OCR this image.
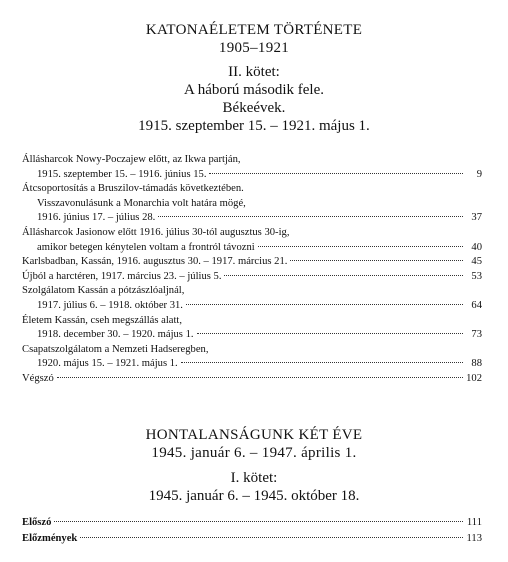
KATONAÉLETEM TÖRTÉNETE
1905–1921
II. kötet:
A háború második fele.
Békeévek.
1915. szeptember 15. – 1921. május 1.
Állásharcok Nowy-Poczajew előtt, az Ikwa partján,
1915. szeptember 15. – 1916. június 15.	9
Átcsoportosítás a Bruszilov-támadás következtében.
Visszavonulásunk a Monarchia volt határa mögé,
1916. június 17. – július 28.	37
Állásharcok Jasionow előtt 1916. július 30-tól augusztus 30-ig,
amikor betegen kénytelen voltam a frontról távozni	40
Karlsbadban, Kassán, 1916. augusztus 30. – 1917. március 21.	45
Újból a harctéren, 1917. március 23. – július 5.	53
Szolgálatom Kassán a pótzászlóaljnál,
1917. július 6. – 1918. október 31.	64
Életem Kassán, cseh megszállás alatt,
1918. december 30. – 1920. május 1.	73
Csapatszolgálatom a Nemzeti Hadseregben,
1920. május 15. – 1921. május 1.	88
Végszó	102
HONTALANSÁGUNK KÉT ÉVE
1945. január 6. – 1947. április 1.
I. kötet:
1945. január 6. – 1945. október 18.
Előszó	111
Előzmények	113
